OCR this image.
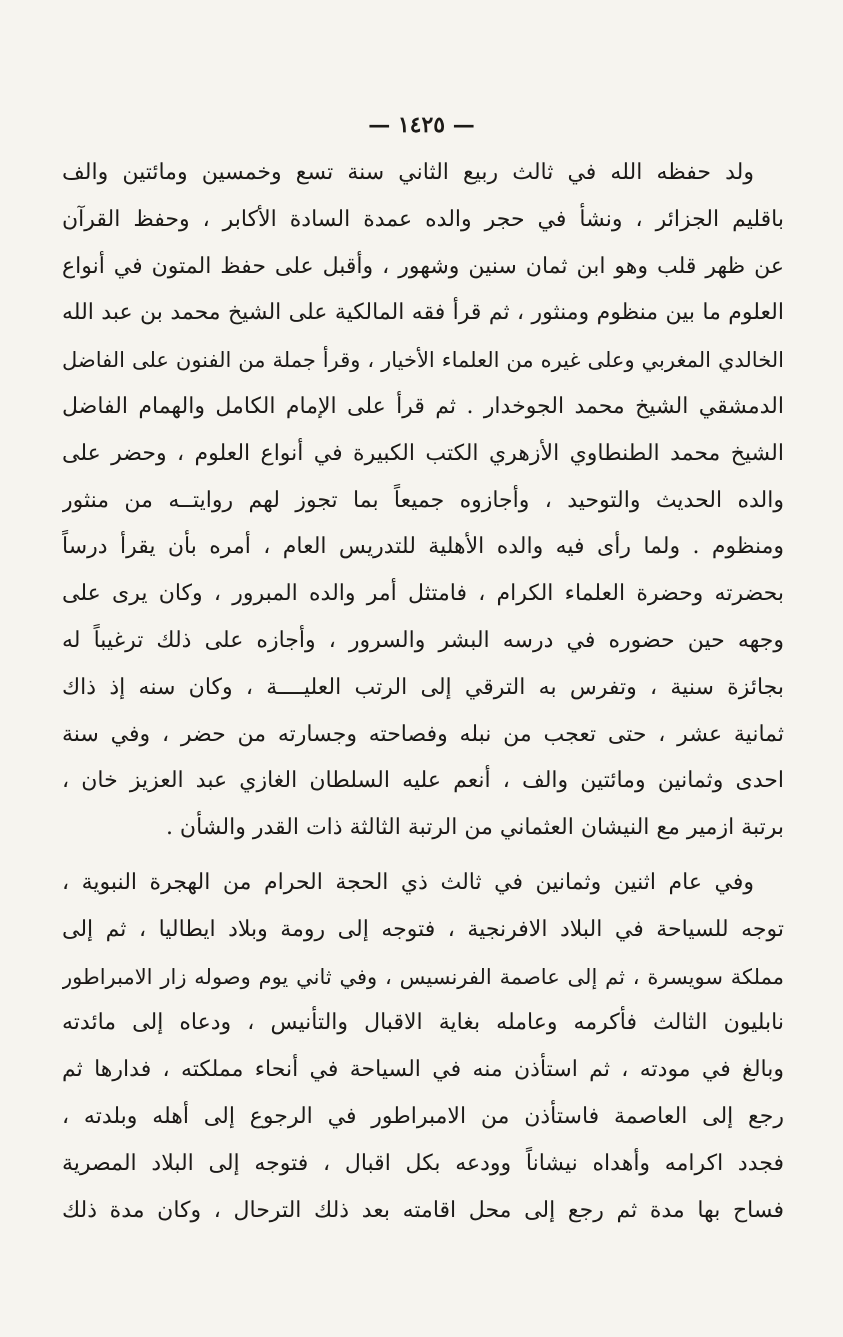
— ١٤٢٥ —
ولد حفظه الله في ثالث ربيع الثاني سنة تسع وخمسين ومائتين والف
باقليم الجزائر ، ونشأ في حجر والده عمدة السادة الأكابر ، وحفظ القرآن
عن ظهر قلب وهو ابن ثمان سنين وشهور ، وأقبل على حفظ المتون في أنواع
العلوم ما بين منظوم ومنثور ، ثم قرأ فقه المالكية على الشيخ محمد بن عبد الله
الخالدي المغربي وعلى غيره من العلماء الأخيار ، وقرأ جملة من الفنون على الفاضل
الدمشقي الشيخ محمد الجوخدار . ثم قرأ على الإمام الكامل والهمام الفاضل
الشيخ محمد الطنطاوي الأزهري الكتب الكبيرة في أنواع العلوم ، وحضر على
والده الحديث والتوحيد ، وأجازوه جميعاً بما تجوز لهم روايتــه من منثور
ومنظوم . ولما رأى فيه والده الأهلية للتدريس العام ، أمره بأن يقرأ درساً
بحضرته وحضرة العلماء الكرام ، فامتثل أمر والده المبرور ، وكان يرى على
وجهه حين حضوره في درسه البشر والسرور ، وأجازه على ذلك ترغيباً له
بجائزة سنية ، وتفرس به الترقي إلى الرتب العليــــة ، وكان سنه إذ ذاك
ثمانية عشر ، حتى تعجب من نبله وفصاحته وجسارته من حضر ، وفي سنة
احدى وثمانين ومائتين والف ، أنعم عليه السلطان الغازي عبد العزيز خان ،
برتبة ازمير مع النيشان العثماني من الرتبة الثالثة ذات القدر والشأن .
وفي عام اثنين وثمانين في ثالث ذي الحجة الحرام من الهجرة النبوية ،
توجه للسياحة في البلاد الافرنجية ، فتوجه إلى رومة وبلاد ايطاليا ، ثم إلى
مملكة سويسرة ، ثم إلى عاصمة الفرنسيس ، وفي ثاني يوم وصوله زار الامبراطور
نابليون الثالث فأكرمه وعامله بغاية الاقبال والتأنيس ، ودعاه إلى مائدته
وبالغ في مودته ، ثم استأذن منه في السياحة في أنحاء مملكته ، فدارها ثم
رجع إلى العاصمة فاستأذن من الامبراطور في الرجوع إلى أهله وبلدته ،
فجدد اكرامه وأهداه نيشاناً وودعه بكل اقبال ، فتوجه إلى البلاد المصرية
فساح بها مدة ثم رجع إلى محل اقامته بعد ذلك الترحال ، وكان مدة ذلك
